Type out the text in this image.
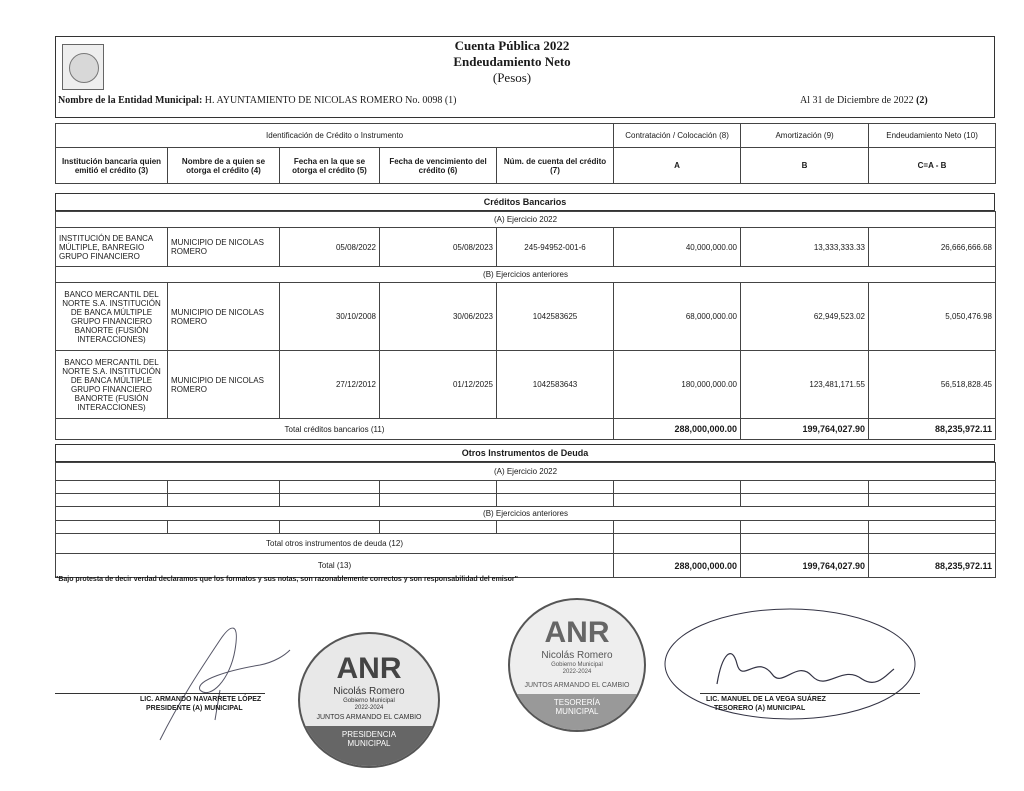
Cuenta Pública 2022
Endeudamiento Neto
(Pesos)
Nombre de la Entidad Municipal: H. AYUNTAMIENTO DE NICOLAS ROMERO No. 0098 (1)	Al 31 de Diciembre de 2022 (2)
Identificación de Crédito o Instrumento					Contratación / Colocación (8)	Amortización (9)	Endeudamiento Neto (10)
Institución bancaria quien emitió el crédito (3)	Nombre de a quien se otorga el crédito (4)	Fecha en la que se otorga el crédito (5)	Fecha de vencimiento del crédito (6)	Núm. de cuenta del crédito (7)	A	B	C=A - B
Créditos Bancarios
(A) Ejercicio 2022							
INSTITUCIÓN DE BANCA MÚLTIPLE, BANREGIO GRUPO FINANCIERO	MUNICIPIO DE NICOLAS ROMERO	05/08/2022	05/08/2023	245-94952-001-6	40,000,000.00	13,333,333.33	26,666,666.68
(B) Ejercicios anteriores							
BANCO MERCANTIL DEL NORTE S.A. INSTITUCIÓN DE BANCA MÚLTIPLE GRUPO FINANCIERO BANORTE (FUSIÓN INTERACCIONES)	MUNICIPIO DE NICOLAS ROMERO	30/10/2008	30/06/2023	1042583625	68,000,000.00	62,949,523.02	5,050,476.98
BANCO MERCANTIL DEL NORTE S.A. INSTITUCIÓN DE BANCA MÚLTIPLE GRUPO FINANCIERO BANORTE (FUSIÓN INTERACCIONES)	MUNICIPIO DE NICOLAS ROMERO	27/12/2012	01/12/2025	1042583643	180,000,000.00	123,481,171.55	56,518,828.45
Total créditos bancarios (11)					288,000,000.00	199,764,027.90	88,235,972.11
Otros Instrumentos de Deuda
(A) Ejercicio 2022							

(B) Ejercicios anteriores							

Total otros instrumentos de deuda (12)							
Total (13)					288,000,000.00	199,764,027.90	88,235,972.11
"Bajo protesta de decir verdad declaramos que los formatos y sus notas, son razonablemente correctos y son responsabilidad del emisor"
LIC. ARMANDO NAVARRETE LÓPEZ
PRESIDENTE (A) MUNICIPAL
ANR
Nicolás Romero
Gobierno Municipal
2022-2024
JUNTOS ARMANDO EL CAMBIO
PRESIDENCIA MUNICIPAL
ANR
Nicolás Romero
Gobierno Municipal
2022-2024
JUNTOS ARMANDO EL CAMBIO
TESORERÍA MUNICIPAL
LIC. MANUEL DE LA VEGA SUÁREZ
TESORERO (A) MUNICIPAL
